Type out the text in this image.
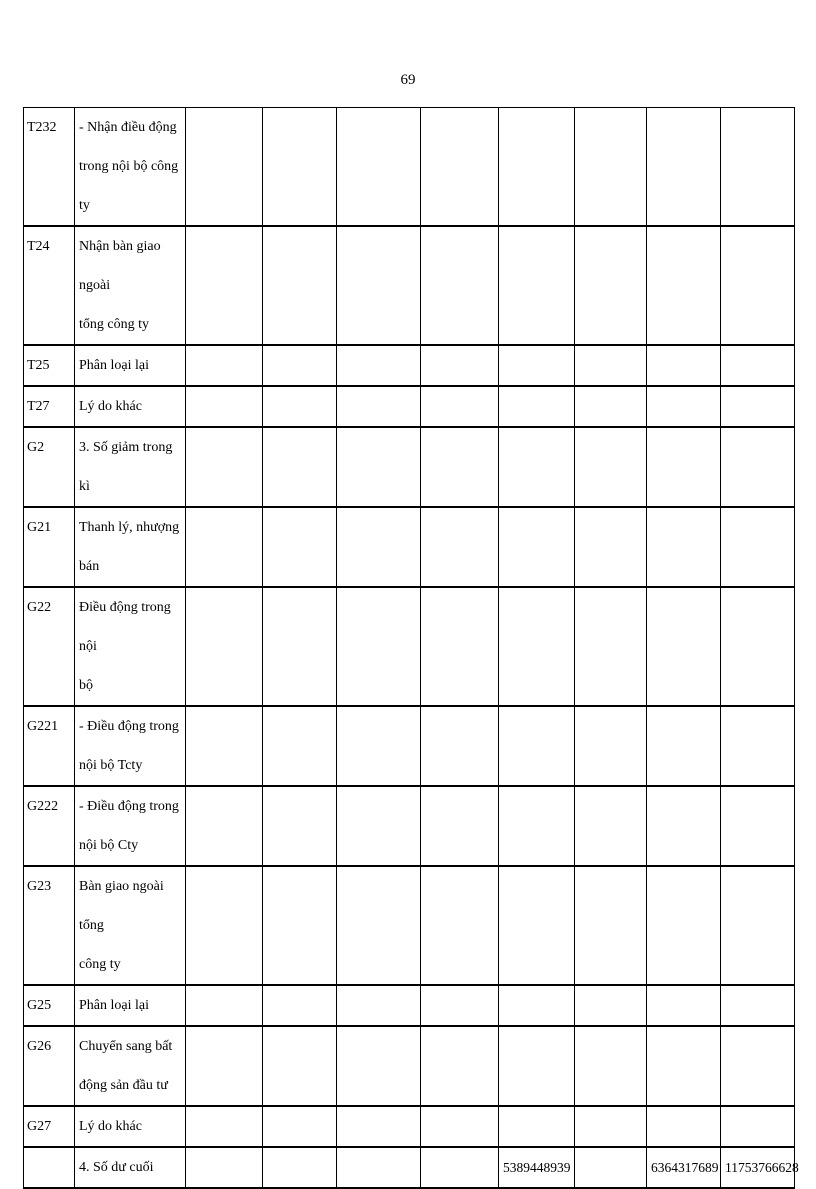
69
T232	- Nhận điều động
trong nội bộ công ty								

T24	Nhận bàn giao ngoài
tổng công ty								

T25	Phân loại lại								

T27	Lý do khác								

G2	3. Số giảm trong kì								

G21	Thanh lý, nhượng
bán								

G22	Điều động trong nội
bộ								

G221	- Điều động trong
nội bộ Tcty								

G222	- Điều động trong
nội bộ Cty								

G23	Bàn giao ngoài tổng
công ty								

G25	Phân loại lại								

G26	Chuyển sang bất
động sản đầu tư								

G27	Lý do khác								

	4. Số dư cuối					5389448939		6364317689	11753766628
